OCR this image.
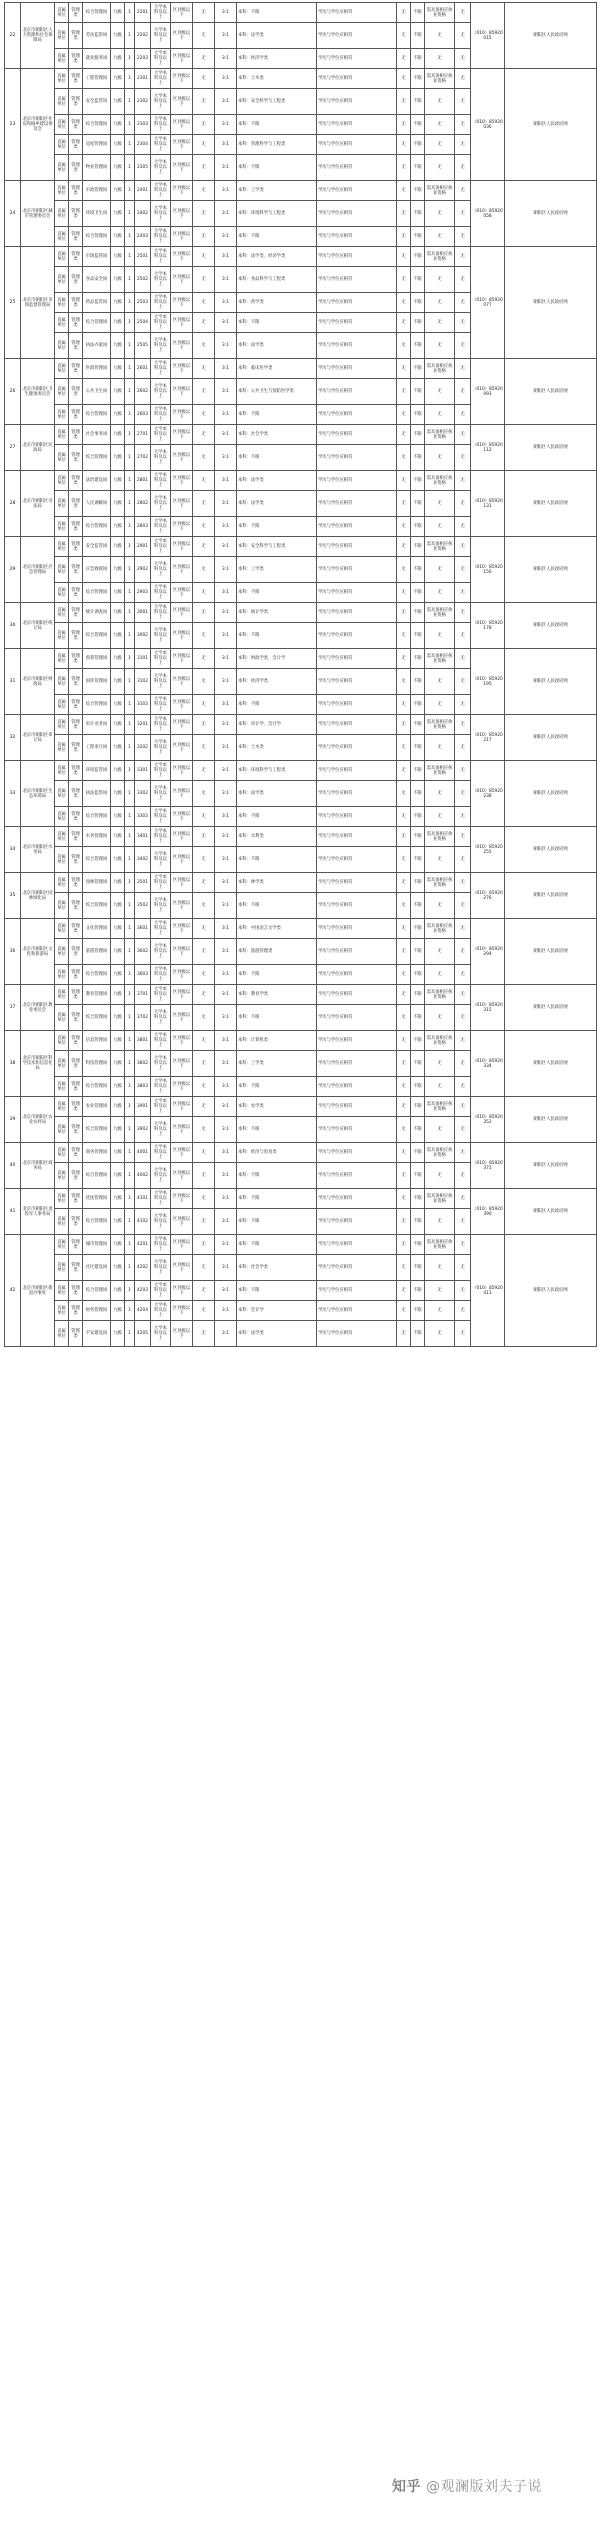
22	北京市朝阳区人力资源和社会保障局	直属单位	管理类	综合管理岗	九级	1	2201	大学本科及以上	区县级以下	无	3:1	本科：不限	学历与学位应相符	无	不限	需具备相应执业资格	无	（010）85920015	朝阳区人民政府网
		直属单位	管理类	劳动监察岗	九级	1	2202	大学本科及以上	区县级以下	无	3:1	本科：法学类	学历与学位应相符	无	不限	无	无		
		直属单位	管理类	就业服务岗	九级	1	2203	大学本科及以上	区县级以下	无	3:1	本科：经济学类	学历与学位应相符	无	不限	无	无		
23	北京市朝阳区住房和城乡建设委员会	直属单位	管理类	工程管理岗	九级	1	2301	大学本科及以上	区县级以下	无	3:1	本科：土木类	学历与学位应相符	无	不限	需具备相应执业资格	无	（010）85920036	朝阳区人民政府网
		直属单位	管理类	安全监管岗	九级	1	2302	大学本科及以上	区县级以下	无	3:1	本科：安全科学与工程类	学历与学位应相符	无	不限	无	无		
		直属单位	管理类	综合管理岗	九级	1	2303	大学本科及以上	区县级以下	无	3:1	本科：不限	学历与学位应相符	无	不限	无	无		
		直属单位	管理类	房屋管理岗	九级	1	2304	大学本科及以上	区县级以下	无	3:1	本科：管理科学与工程类	学历与学位应相符	无	不限	无	无		
		直属单位	管理类	物业管理岗	九级	1	2305	大学本科及以上	区县级以下	无	3:1	本科：不限	学历与学位应相符	无	不限	无	无		
24	北京市朝阳区城市管理委员会	直属单位	管理类	市政管理岗	九级	1	2401	大学本科及以上	区县级以下	无	3:1	本科：工学类	学历与学位应相符	无	不限	需具备相应执业资格	无	（010）85920058	朝阳区人民政府网
		直属单位	管理类	环境卫生岗	九级	1	2402	大学本科及以上	区县级以下	无	3:1	本科：环境科学与工程类	学历与学位应相符	无	不限	无	无		
		直属单位	管理类	综合管理岗	九级	1	2403	大学本科及以上	区县级以下	无	3:1	本科：不限	学历与学位应相符	无	不限	无	无		
25	北京市朝阳区市场监督管理局	直属单位	管理类	市场监管岗	九级	1	2501	大学本科及以上	区县级以下	无	3:1	本科：法学类、经济学类	学历与学位应相符	无	不限	需具备相应执业资格	无	（010）85920077	朝阳区人民政府网
		直属单位	管理类	食品安全岗	九级	1	2502	大学本科及以上	区县级以下	无	3:1	本科：食品科学与工程类	学历与学位应相符	无	不限	无	无		
		直属单位	管理类	药品监管岗	九级	1	2503	大学本科及以上	区县级以下	无	3:1	本科：药学类	学历与学位应相符	无	不限	无	无		
		直属单位	管理类	综合管理岗	九级	1	2504	大学本科及以上	区县级以下	无	3:1	本科：不限	学历与学位应相符	无	不限	无	无		
		直属单位	管理类	执法办案岗	九级	1	2505	大学本科及以上	区县级以下	无	3:1	本科：法学类	学历与学位应相符	无	不限	无	无		
26	北京市朝阳区卫生健康委员会	直属单位	管理类	医政管理岗	九级	1	2601	大学本科及以上	区县级以下	无	3:1	本科：临床医学类	学历与学位应相符	无	不限	需具备相应执业资格	无	（010）85920093	朝阳区人民政府网
		直属单位	管理类	公共卫生岗	九级	1	2602	大学本科及以上	区县级以下	无	3:1	本科：公共卫生与预防医学类	学历与学位应相符	无	不限	无	无		
		直属单位	管理类	综合管理岗	九级	1	2603	大学本科及以上	区县级以下	无	3:1	本科：不限	学历与学位应相符	无	不限	无	无		
27	北京市朝阳区民政局	直属单位	管理类	社会事务岗	九级	1	2701	大学本科及以上	区县级以下	无	3:1	本科：社会学类	学历与学位应相符	无	不限	需具备相应执业资格	无	（010）85920112	朝阳区人民政府网
		直属单位	管理类	综合管理岗	九级	1	2702	大学本科及以上	区县级以下	无	3:1	本科：不限	学历与学位应相符	无	不限	无	无		
28	北京市朝阳区司法局	直属单位	管理类	法治建设岗	九级	1	2801	大学本科及以上	区县级以下	无	3:1	本科：法学类	学历与学位应相符	无	不限	需具备相应执业资格	无	（010）85920131	朝阳区人民政府网
		直属单位	管理类	人民调解岗	九级	1	2802	大学本科及以上	区县级以下	无	3:1	本科：法学类	学历与学位应相符	无	不限	无	无		
		直属单位	管理类	综合管理岗	九级	1	2803	大学本科及以上	区县级以下	无	3:1	本科：不限	学历与学位应相符	无	不限	无	无		
29	北京市朝阳区应急管理局	直属单位	管理类	安全监管岗	九级	1	2901	大学本科及以上	区县级以下	无	3:1	本科：安全科学与工程类	学历与学位应相符	无	不限	需具备相应执业资格	无	（010）85920156	朝阳区人民政府网
		直属单位	管理类	应急救援岗	九级	1	2902	大学本科及以上	区县级以下	无	3:1	本科：工学类	学历与学位应相符	无	不限	无	无		
		直属单位	管理类	综合管理岗	九级	1	2903	大学本科及以上	区县级以下	无	3:1	本科：不限	学历与学位应相符	无	不限	无	无		
30	北京市朝阳区统计局	直属单位	管理类	统计调查岗	九级	1	3001	大学本科及以上	区县级以下	无	3:1	本科：统计学类	学历与学位应相符	无	不限	需具备相应执业资格	无	（010）85920178	朝阳区人民政府网
		直属单位	管理类	综合管理岗	九级	1	3002	大学本科及以上	区县级以下	无	3:1	本科：不限	学历与学位应相符	无	不限	无	无		
31	北京市朝阳区财政局	直属单位	管理类	预算管理岗	九级	1	3101	大学本科及以上	区县级以下	无	3:1	本科：财政学类、会计学	学历与学位应相符	无	不限	需具备相应执业资格	无	（010）85920195	朝阳区人民政府网
		直属单位	管理类	国库管理岗	九级	1	3102	大学本科及以上	区县级以下	无	3:1	本科：经济学类	学历与学位应相符	无	不限	无	无		
		直属单位	管理类	综合管理岗	九级	1	3103	大学本科及以上	区县级以下	无	3:1	本科：不限	学历与学位应相符	无	不限	无	无		
32	北京市朝阳区审计局	直属单位	管理类	审计业务岗	九级	1	3201	大学本科及以上	区县级以下	无	3:1	本科：审计学、会计学	学历与学位应相符	无	不限	需具备相应执业资格	无	（010）85920217	朝阳区人民政府网
		直属单位	管理类	工程审计岗	九级	1	3202	大学本科及以上	区县级以下	无	3:1	本科：土木类	学历与学位应相符	无	不限	无	无		
33	北京市朝阳区生态环境局	直属单位	管理类	环境监管岗	九级	1	3301	大学本科及以上	区县级以下	无	3:1	本科：环境科学与工程类	学历与学位应相符	无	不限	需具备相应执业资格	无	（010）85920238	朝阳区人民政府网
		直属单位	管理类	执法监察岗	九级	1	3302	大学本科及以上	区县级以下	无	3:1	本科：法学类	学历与学位应相符	无	不限	无	无		
		直属单位	管理类	综合管理岗	九级	1	3303	大学本科及以上	区县级以下	无	3:1	本科：不限	学历与学位应相符	无	不限	无	无		
34	北京市朝阳区水务局	直属单位	管理类	水务管理岗	九级	1	3401	大学本科及以上	区县级以下	无	3:1	本科：水利类	学历与学位应相符	无	不限	需具备相应执业资格	无	（010）85920255	朝阳区人民政府网
		直属单位	管理类	综合管理岗	九级	1	3402	大学本科及以上	区县级以下	无	3:1	本科：不限	学历与学位应相符	无	不限	无	无		
35	北京市朝阳区园林绿化局	直属单位	管理类	园林管理岗	九级	1	3501	大学本科及以上	区县级以下	无	3:1	本科：林学类	学历与学位应相符	无	不限	需具备相应执业资格	无	（010）85920276	朝阳区人民政府网
		直属单位	管理类	综合管理岗	九级	1	3502	大学本科及以上	区县级以下	无	3:1	本科：不限	学历与学位应相符	无	不限	无	无		
36	北京市朝阳区文化和旅游局	直属单位	管理类	文化管理岗	九级	1	3601	大学本科及以上	区县级以下	无	3:1	本科：中国语言文学类	学历与学位应相符	无	不限	需具备相应执业资格	无	（010）85920294	朝阳区人民政府网
		直属单位	管理类	旅游管理岗	九级	1	3602	大学本科及以上	区县级以下	无	3:1	本科：旅游管理类	学历与学位应相符	无	不限	无	无		
		直属单位	管理类	综合管理岗	九级	1	3603	大学本科及以上	区县级以下	无	3:1	本科：不限	学历与学位应相符	无	不限	无	无		
37	北京市朝阳区教育委员会	直属单位	管理类	教育管理岗	九级	1	3701	大学本科及以上	区县级以下	无	3:1	本科：教育学类	学历与学位应相符	无	不限	需具备相应执业资格	无	（010）85920315	朝阳区人民政府网
		直属单位	管理类	综合管理岗	九级	1	3702	大学本科及以上	区县级以下	无	3:1	本科：不限	学历与学位应相符	无	不限	无	无		
38	北京市朝阳区科学技术和信息化局	直属单位	管理类	信息管理岗	九级	1	3801	大学本科及以上	区县级以下	无	3:1	本科：计算机类	学历与学位应相符	无	不限	需具备相应执业资格	无	（010）85920334	朝阳区人民政府网
		直属单位	管理类	科技管理岗	九级	1	3802	大学本科及以上	区县级以下	无	3:1	本科：工学类	学历与学位应相符	无	不限	无	无		
		直属单位	管理类	综合管理岗	九级	1	3803	大学本科及以上	区县级以下	无	3:1	本科：不限	学历与学位应相符	无	不限	无	无		
39	北京市朝阳区农业农村局	直属单位	管理类	农业管理岗	九级	1	3901	大学本科及以上	区县级以下	无	3:1	本科：农学类	学历与学位应相符	无	不限	需具备相应执业资格	无	（010）85920352	朝阳区人民政府网
		直属单位	管理类	综合管理岗	九级	1	3902	大学本科及以上	区县级以下	无	3:1	本科：不限	学历与学位应相符	无	不限	无	无		
40	北京市朝阳区商务局	直属单位	管理类	商务管理岗	九级	1	4001	大学本科及以上	区县级以下	无	3:1	本科：经济与贸易类	学历与学位应相符	无	不限	需具备相应执业资格	无	（010）85920371	朝阳区人民政府网
		直属单位	管理类	综合管理岗	九级	1	4002	大学本科及以上	区县级以下	无	3:1	本科：不限	学历与学位应相符	无	不限	无	无		
41	北京市朝阳区退役军人事务局	直属单位	管理类	优抚管理岗	九级	1	4101	大学本科及以上	区县级以下	无	3:1	本科：不限	学历与学位应相符	无	不限	需具备相应执业资格	无	（010）85920390	朝阳区人民政府网
		直属单位	管理类	综合管理岗	九级	1	4102	大学本科及以上	区县级以下	无	3:1	本科：不限	学历与学位应相符	无	不限	无	无		
42	北京市朝阳区街道办事处	直属单位	管理类	城市管理岗	九级	1	4201	大学本科及以上	区县级以下	无	3:1	本科：不限	学历与学位应相符	无	不限	需具备相应执业资格	无	（010）85920411	朝阳区人民政府网
		直属单位	管理类	社区建设岗	九级	1	4202	大学本科及以上	区县级以下	无	3:1	本科：社会学类	学历与学位应相符	无	不限	无	无		
		直属单位	管理类	综合管理岗	九级	1	4203	大学本科及以上	区县级以下	无	3:1	本科：不限	学历与学位应相符	无	不限	无	无		
		直属单位	管理类	财务管理岗	九级	1	4204	大学本科及以上	区县级以下	无	3:1	本科：会计学	学历与学位应相符	无	不限	无	无		
		直属单位	管理类	平安建设岗	九级	1	4205	大学本科及以上	区县级以下	无	3:1	本科：法学类	学历与学位应相符	无	不限	无	无		
知乎 @观澜版刘夫子说
